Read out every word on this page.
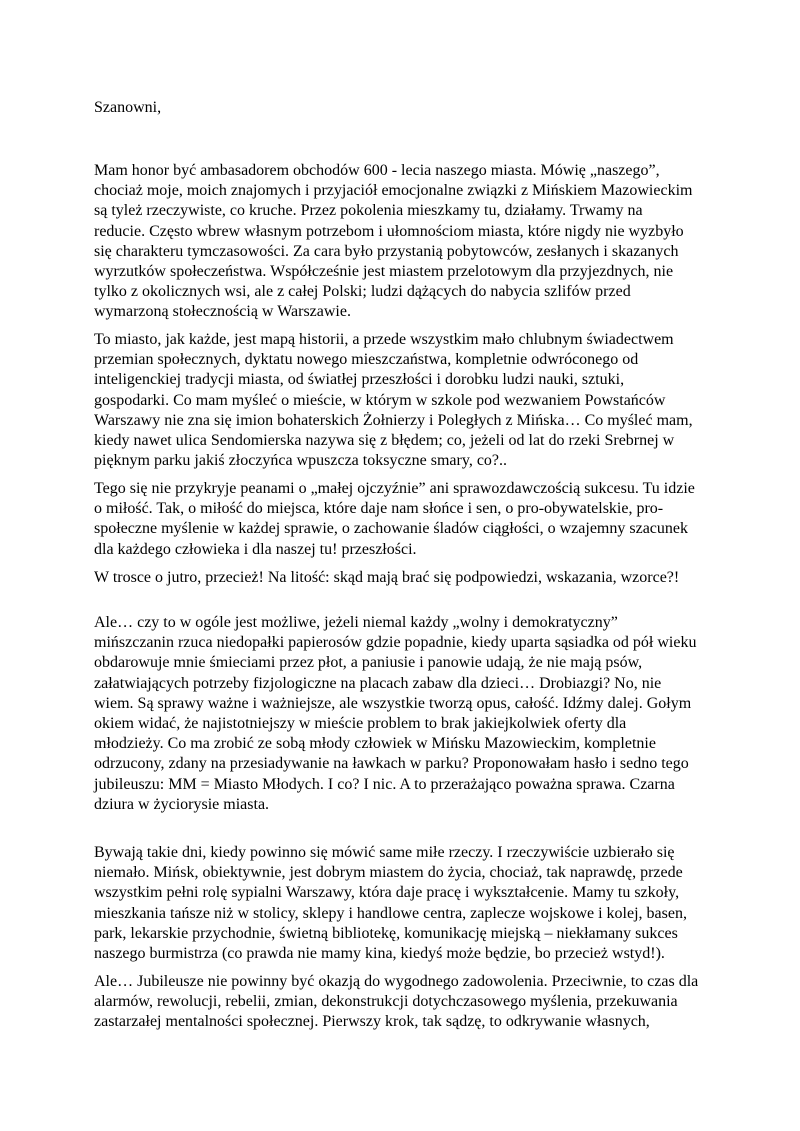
Szanowni,

Mam honor być ambasadorem obchodów 600 - lecia naszego miasta. Mówię „naszego”,
chociaż moje, moich znajomych i przyjaciół emocjonalne związki z Mińskiem Mazowieckim
są tyleż rzeczywiste, co kruche. Przez pokolenia mieszkamy tu, działamy. Trwamy na
reducie. Często wbrew własnym potrzebom i ułomnościom miasta, które nigdy nie wyzbyło
się charakteru tymczasowości. Za cara było przystanią pobytowców, zesłanych i skazanych
wyrzutków społeczeństwa. Współcześnie jest miastem przelotowym dla przyjezdnych, nie
tylko z okolicznych wsi, ale z całej Polski; ludzi dążących do nabycia szlifów przed
wymarzoną stołecznością w Warszawie.

To miasto, jak każde, jest mapą historii, a przede wszystkim mało chlubnym świadectwem
przemian społecznych, dyktatu nowego mieszczaństwa, kompletnie odwróconego od
inteligenckiej tradycji miasta, od światłej przeszłości i dorobku ludzi nauki, sztuki,
gospodarki. Co mam myśleć o mieście, w którym w szkole pod wezwaniem Powstańców
Warszawy nie zna się imion bohaterskich Żołnierzy i Poległych z Mińska… Co myśleć mam,
kiedy nawet ulica Sendomierska nazywa się z błędem; co, jeżeli od lat do rzeki Srebrnej w
pięknym parku jakiś złoczyńca wpuszcza toksyczne smary, co?..

Tego się nie przykryje peanami o „małej ojczyźnie” ani sprawozdawczością sukcesu. Tu idzie
o miłość. Tak, o miłość do miejsca, które daje nam słońce i sen, o pro-obywatelskie, pro-
społeczne myślenie w każdej sprawie, o zachowanie śladów ciągłości, o wzajemny szacunek
dla każdego człowieka i dla naszej tu! przeszłości.

W trosce o jutro, przecież! Na litość: skąd mają brać się podpowiedzi, wskazania, wzorce?!

Ale… czy to w ogóle jest możliwe, jeżeli niemal każdy „wolny i demokratyczny”
mińszczanin rzuca niedopałki papierosów gdzie popadnie, kiedy uparta sąsiadka od pół wieku
obdarowuje mnie śmieciami przez płot, a paniusie i panowie udają, że nie mają psów,
załatwiających potrzeby fizjologiczne na placach zabaw dla dzieci… Drobiazgi? No, nie
wiem. Są sprawy ważne i ważniejsze, ale wszystkie tworzą opus, całość. Idźmy dalej. Gołym
okiem widać, że najistotniejszy w mieście problem to brak jakiejkolwiek oferty dla
młodzieży. Co ma zrobić ze sobą młody człowiek w Mińsku Mazowieckim, kompletnie
odrzucony, zdany na przesiadywanie na ławkach w parku? Proponowałam hasło i sedno tego
jubileuszu: MM = Miasto Młodych. I co? I nic. A to przerażająco poważna sprawa. Czarna
dziura w życiorysie miasta.

Bywają takie dni, kiedy powinno się mówić same miłe rzeczy. I rzeczywiście uzbierało się
niemało. Mińsk, obiektywnie, jest dobrym miastem do życia, chociaż, tak naprawdę, przede
wszystkim pełni rolę sypialni Warszawy, która daje pracę i wykształcenie. Mamy tu szkoły,
mieszkania tańsze niż w stolicy, sklepy i handlowe centra, zaplecze wojskowe i kolej, basen,
park, lekarskie przychodnie, świetną bibliotekę, komunikację miejską – niekłamany sukces
naszego burmistrza (co prawda nie mamy kina, kiedyś może będzie, bo przecież wstyd!).

Ale… Jubileusze nie powinny być okazją do wygodnego zadowolenia. Przeciwnie, to czas dla
alarmów, rewolucji, rebelii, zmian, dekonstrukcji dotychczasowego myślenia, przekuwania
zastarzałej mentalności społecznej. Pierwszy krok, tak sądzę, to odkrywanie własnych,
